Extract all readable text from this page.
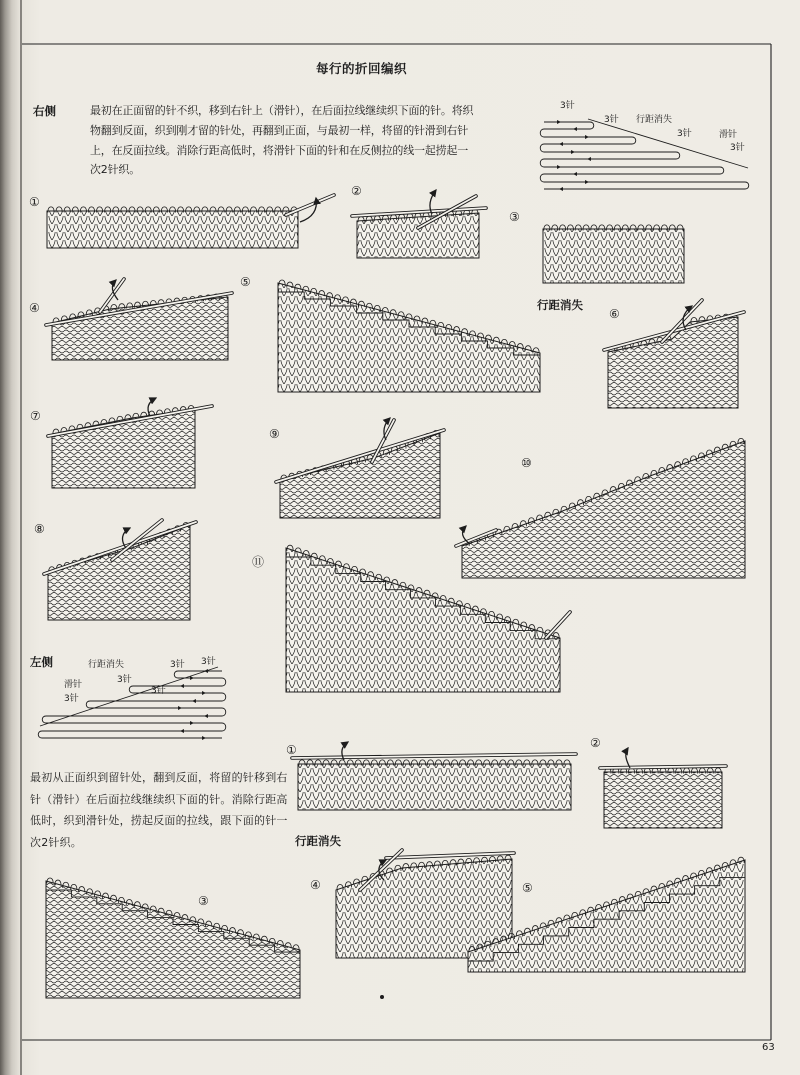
3针
3针 行距消失
3针	滑针
3针
行距消失	3针 3针
3针
滑针
3针
3针
①
②
③
④
⑤
⑥
⑦
⑧
⑨
⑩
⑪
①	②
③
④	⑤
行距消失
行距消失
每行的折回编织
右侧	最初在正面留的针不织，移到右针上（滑针），在后面拉线继续织下面的针。将织
物翻到反面，织到刚才留的针处，再翻到正面，与最初一样，将留的针滑到右针
上，在反面拉线。消除行距高低时，将滑针下面的针和在反侧拉的线一起捞起一
次2针织。
左侧
最初从正面织到留针处，翻到反面，将留的针移到右
针（滑针）在后面拉线继续织下面的针。消除行距高
低时，织到滑针处，捞起反面的拉线，跟下面的针一
次2针织。
63
